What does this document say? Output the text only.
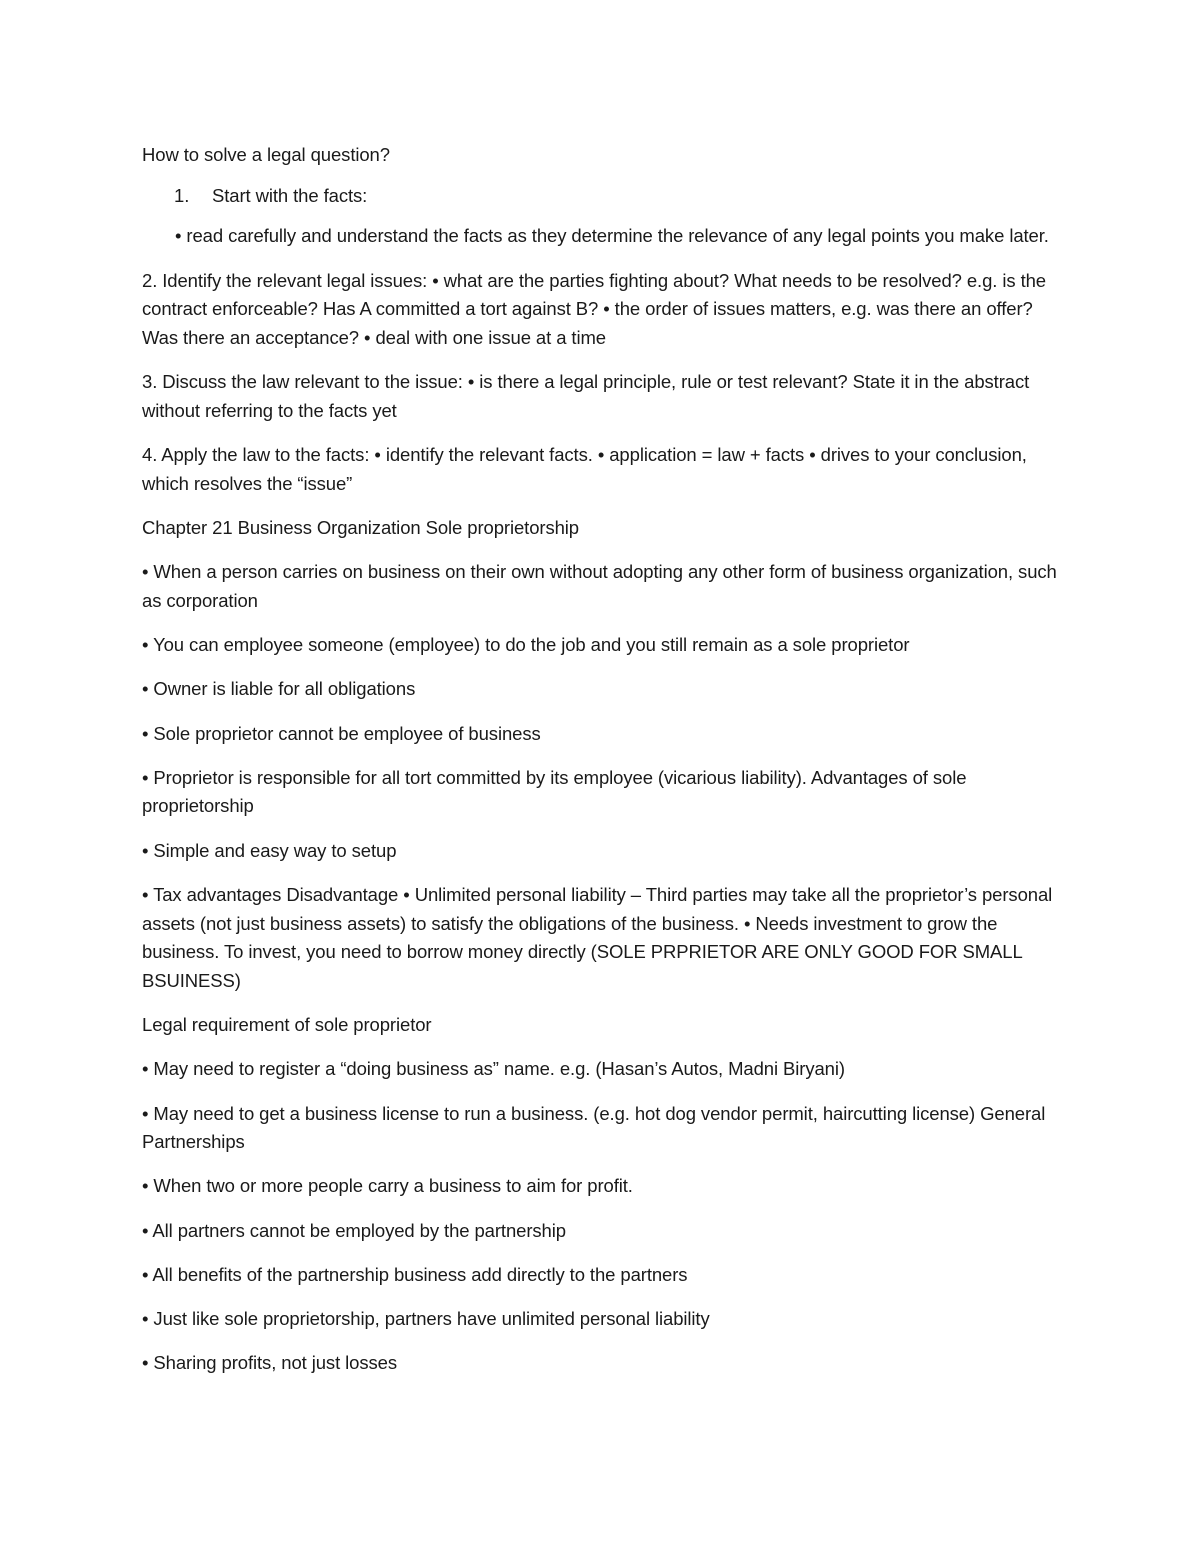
How to solve a legal question?

1. Start with the facts:

• read carefully and understand the facts as they determine the relevance of any legal points you make later.

2. Identify the relevant legal issues: • what are the parties fighting about? What needs to be resolved? e.g. is the contract enforceable? Has A committed a tort against B? • the order of issues matters, e.g. was there an offer? Was there an acceptance? • deal with one issue at a time

3. Discuss the law relevant to the issue: • is there a legal principle, rule or test relevant? State it in the abstract without referring to the facts yet

4. Apply the law to the facts: • identify the relevant facts. • application = law + facts • drives to your conclusion, which resolves the “issue”

Chapter 21 Business Organization Sole proprietorship

• When a person carries on business on their own without adopting any other form of business organization, such as corporation

• You can employee someone (employee) to do the job and you still remain as a sole proprietor

• Owner is liable for all obligations

• Sole proprietor cannot be employee of business

• Proprietor is responsible for all tort committed by its employee (vicarious liability). Advantages of sole proprietorship

• Simple and easy way to setup

• Tax advantages Disadvantage • Unlimited personal liability – Third parties may take all the proprietor’s personal assets (not just business assets) to satisfy the obligations of the business. • Needs investment to grow the business. To invest, you need to borrow money directly (SOLE PRPRIETOR ARE ONLY GOOD FOR SMALL BSUINESS)

Legal requirement of sole proprietor

• May need to register a “doing business as” name. e.g. (Hasan’s Autos, Madni Biryani)

• May need to get a business license to run a business. (e.g. hot dog vendor permit, haircutting license) General Partnerships

• When two or more people carry a business to aim for profit.

• All partners cannot be employed by the partnership

• All benefits of the partnership business add directly to the partners

• Just like sole proprietorship, partners have unlimited personal liability

• Sharing profits, not just losses
